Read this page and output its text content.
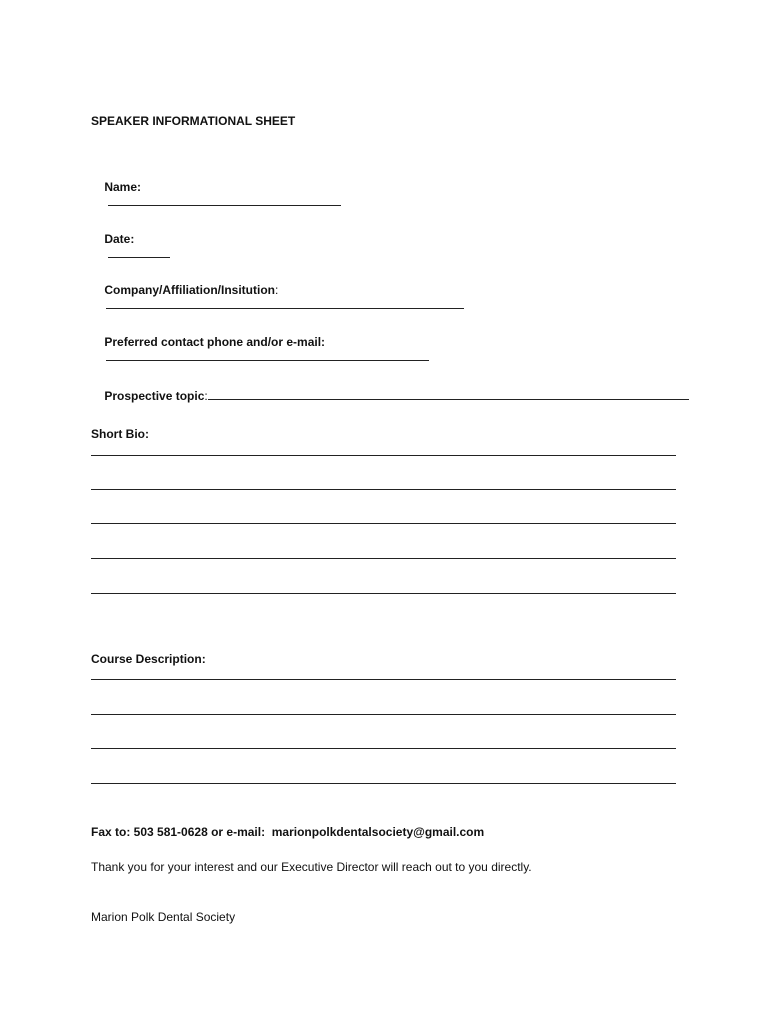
SPEAKER INFORMATIONAL SHEET

Name:

Date:

Company/Affiliation/Insitution:

Preferred contact phone and/or e-mail:

Prospective topic:

Short Bio:
Course Description:
Fax to: 503 581-0628 or e-mail:  marionpolkdentalsociety@gmail.com
Thank you for your interest and our Executive Director will reach out to you directly.
Marion Polk Dental Society
